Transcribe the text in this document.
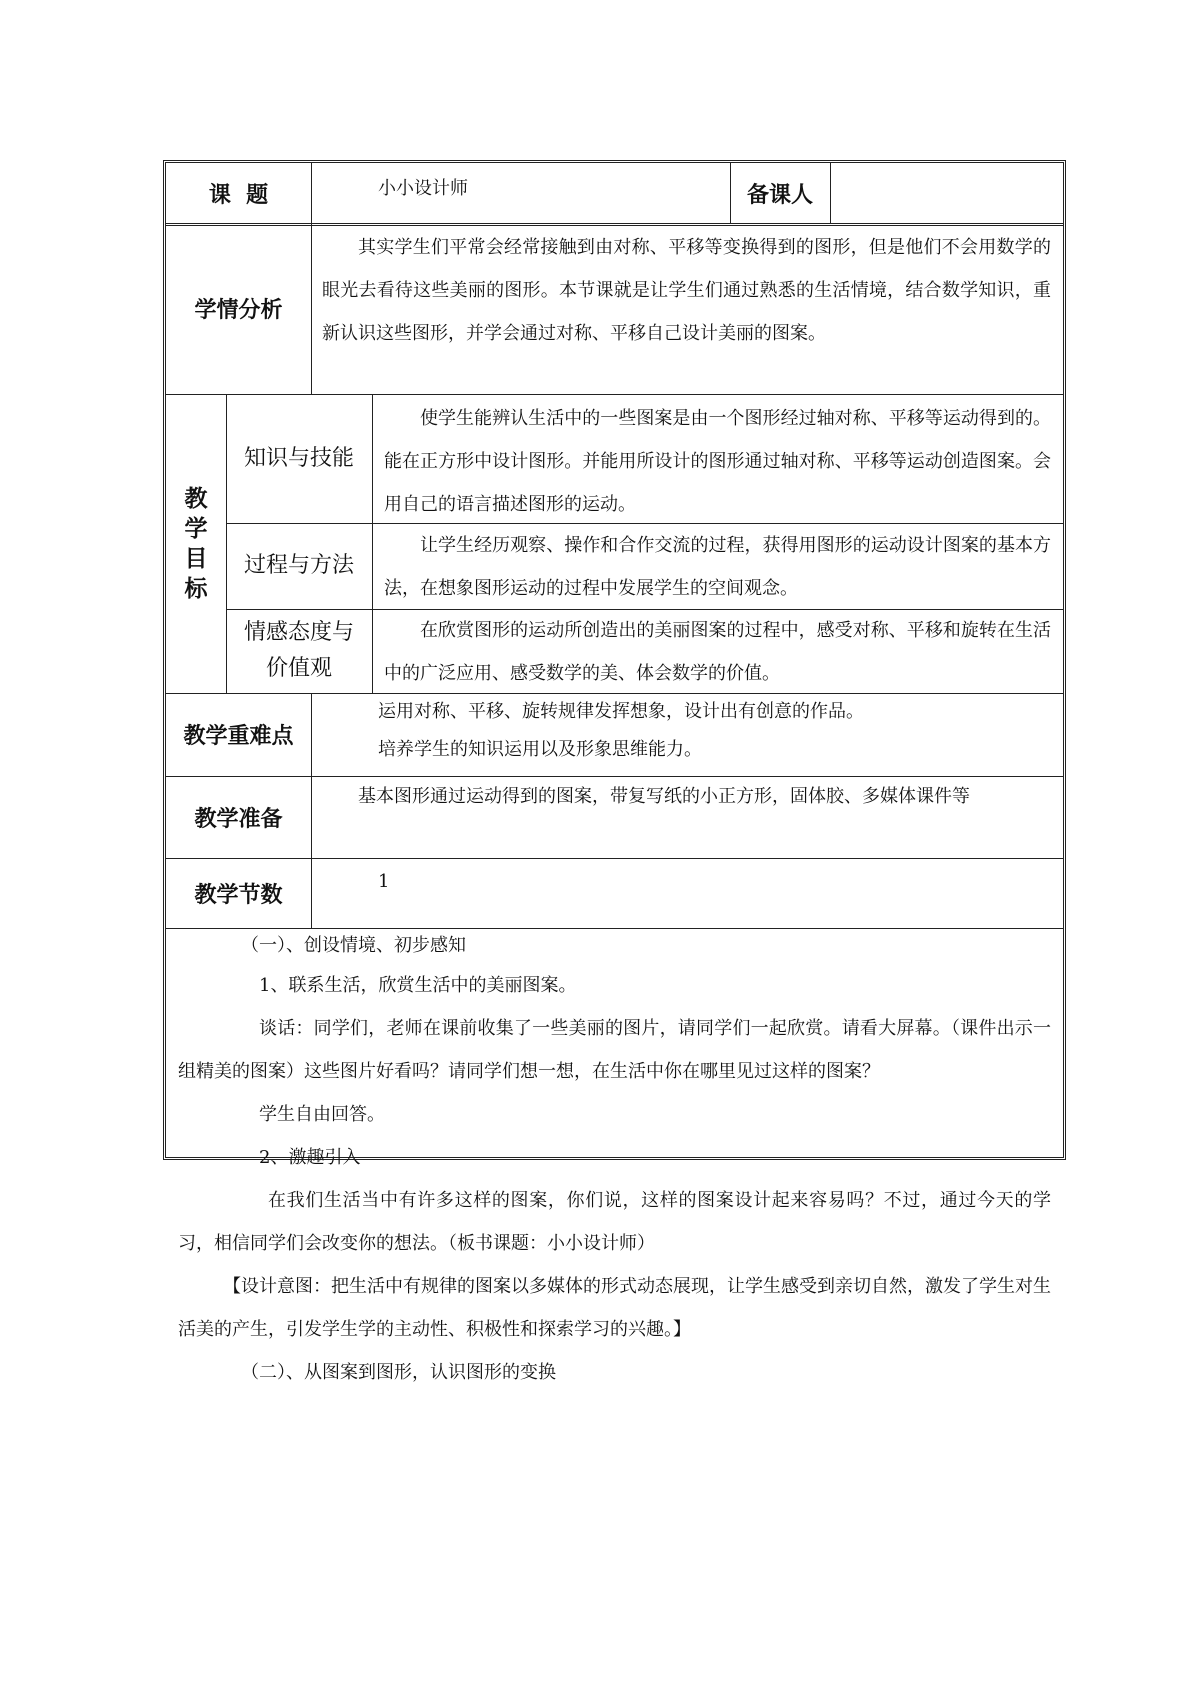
课  题	小小设计师	备课人
学情分析

其实学生们平常会经常接触到由对称、平移等变换得到的图形，但是他们不会用数学的眼光去看待这些美丽的图形。本节课就是让学生们通过熟悉的生活情境，结合数学知识，重新认识这些图形，并学会通过对称、平移自己设计美丽的图案。

教
学
目
标
知识与技能

使学生能辨认生活中的一些图案是由一个图形经过轴对称、平移等运动得到的。能在正方形中设计图形。并能用所设计的图形通过轴对称、平移等运动创造图案。会用自己的语言描述图形的运动。

过程与方法

让学生经历观察、操作和合作交流的过程，获得用图形的运动设计图案的基本方法，在想象图形运动的过程中发展学生的空间观念。

情感态度与
价值观

在欣赏图形的运动所创造出的美丽图案的过程中，感受对称、平移和旋转在生活中的广泛应用、感受数学的美、体会数学的价值。

教学重难点
运用对称、平移、旋转规律发挥想象，设计出有创意的作品。
培养学生的知识运用以及形象思维能力。
教学准备

基本图形通过运动得到的图案，带复写纸的小正方形，固体胶、多媒体课件等

教学节数
1

（一）、创设情境、初步感知

1、联系生活，欣赏生活中的美丽图案。

谈话：同学们，老师在课前收集了一些美丽的图片，请同学们一起欣赏。请看大屏幕。（课件出示一组精美的图案）这些图片好看吗？请同学们想一想，在生活中你在哪里见过这样的图案？

学生自由回答。

2、激趣引入

在我们生活当中有许多这样的图案，你们说，这样的图案设计起来容易吗？不过，通过今天的学习，相信同学们会改变你的想法。（板书课题：小小设计师）

【设计意图：把生活中有规律的图案以多媒体的形式动态展现，让学生感受到亲切自然，激发了学生对生活美的产生，引发学生学的主动性、积极性和探索学习的兴趣。】

（二）、从图案到图形，认识图形的变换
